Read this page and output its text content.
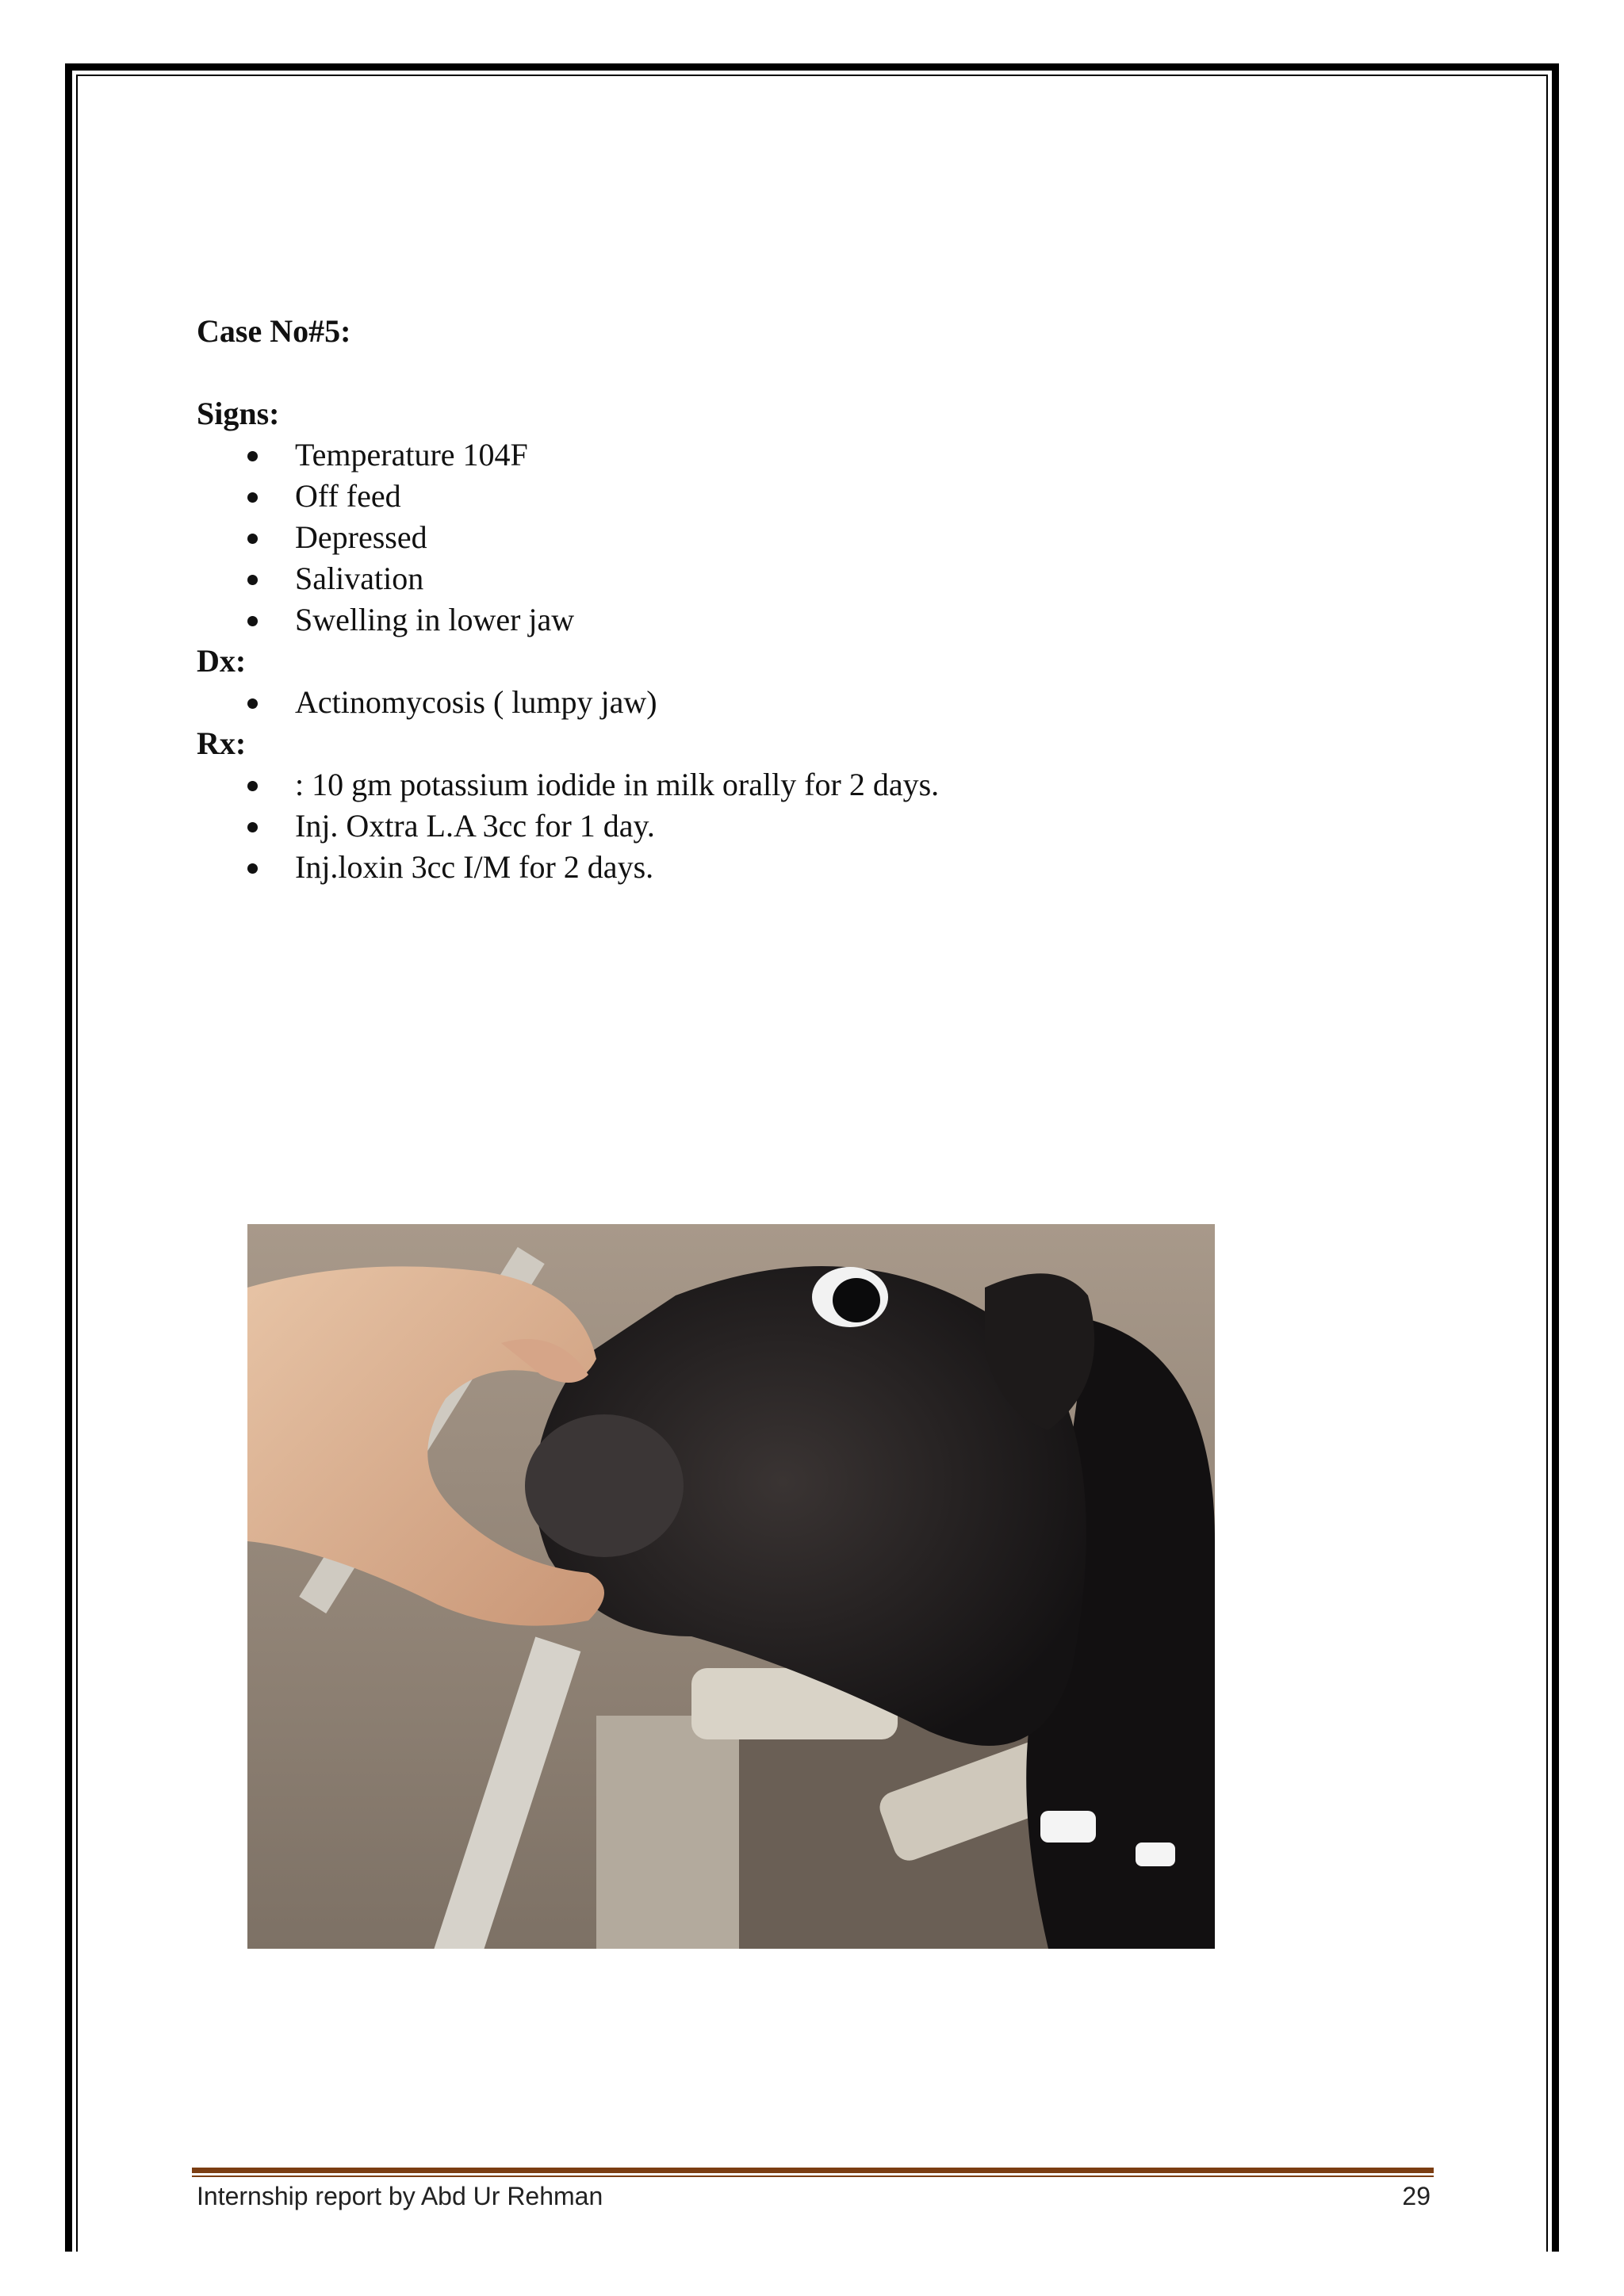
Case No#5:

Signs:

Temperature 104F
Off feed
Depressed
Salivation
Swelling in lower jaw

Dx:

Actinomycosis ( lumpy jaw)

Rx:

: 10 gm potassium iodide in milk orally for 2 days.
Inj. Oxtra L.A 3cc for 1 day.
Inj.loxin 3cc I/M for 2 days.
Internship report by Abd Ur Rehman	29
